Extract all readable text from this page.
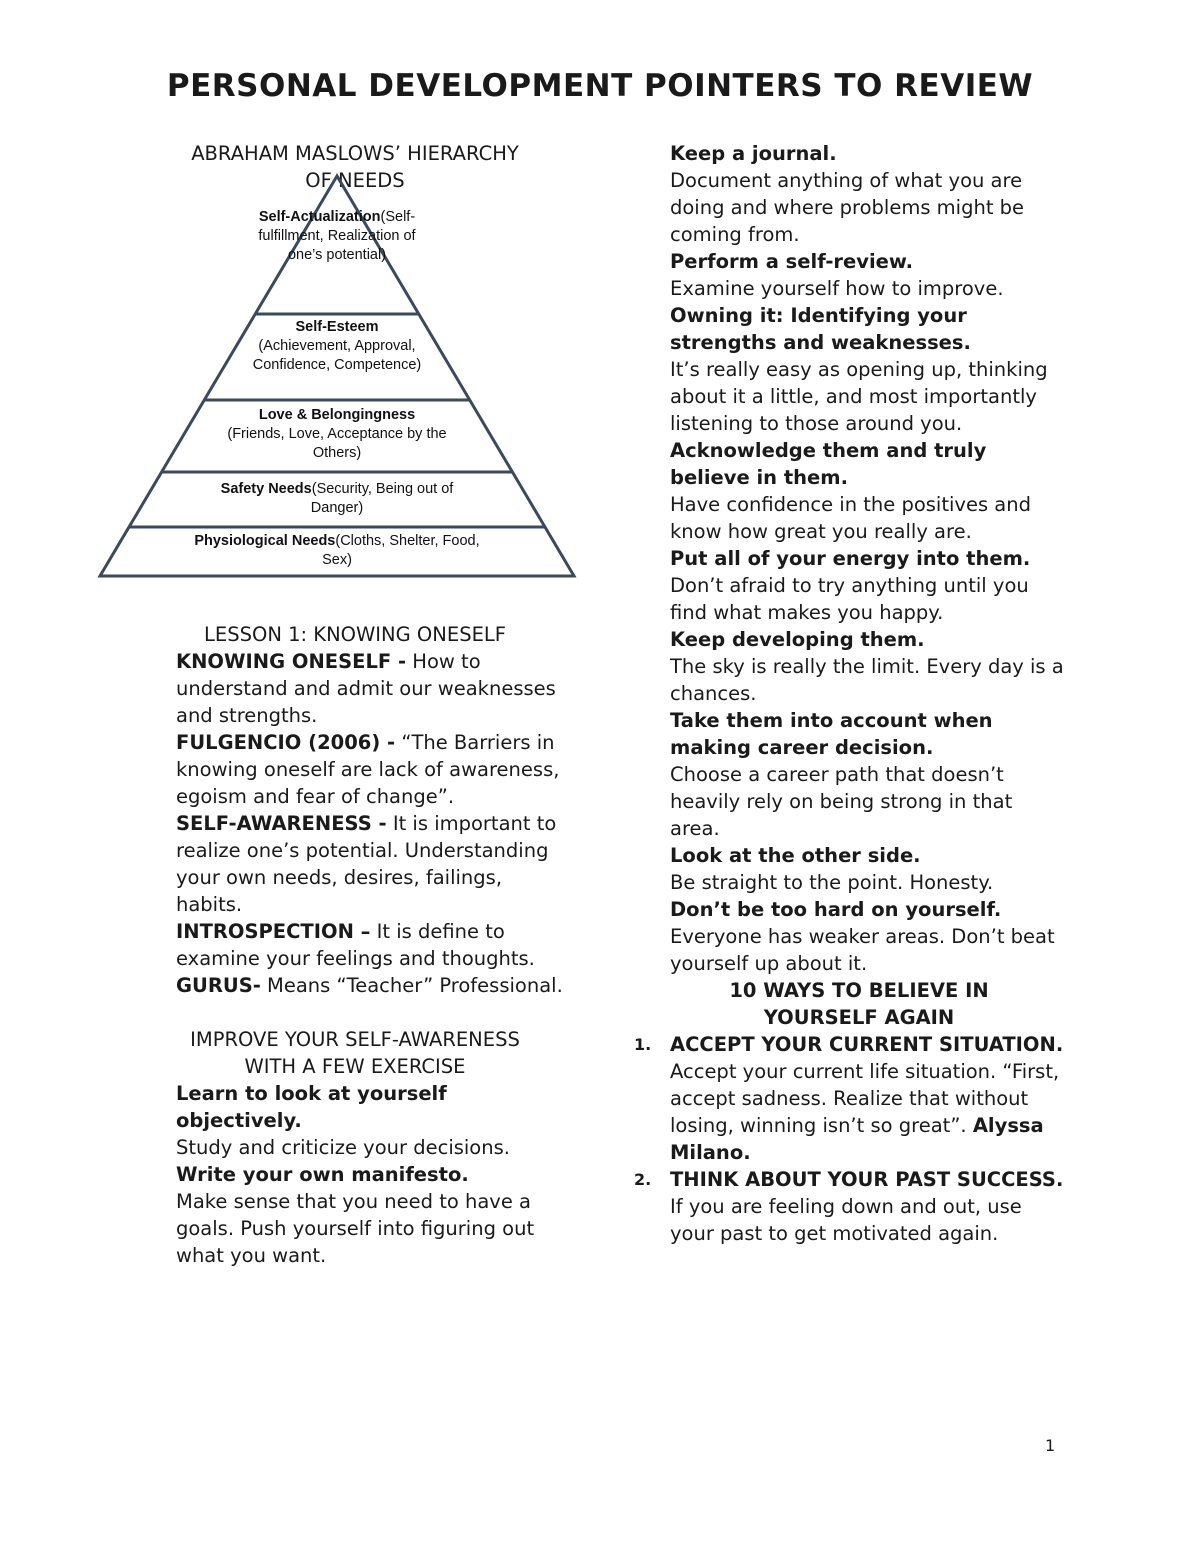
PERSONAL DEVELOPMENT POINTERS TO REVIEW
ABRAHAM MASLOWS’ HIERARCHY
OF NEEDS
Self-Actualization(Self-fulfillment, Realization of one’s potential)
Self-Esteem
(Achievement, Approval, Confidence, Competence)
Love & Belongingness
(Friends, Love, Acceptance by the Others)
Safety Needs(Security, Being out of Danger)
Physiological Needs(Cloths, Shelter, Food, Sex)
LESSON 1: KNOWING ONESELF
KNOWING ONESELF - How to understand and admit our weaknesses and strengths.
FULGENCIO (2006) - “The Barriers in knowing oneself are lack of awareness, egoism and fear of change”.
SELF-AWARENESS - It is important to realize one’s potential. Understanding your own needs, desires, failings, habits.
INTROSPECTION – It is define to examine your feelings and thoughts.
GURUS- Means “Teacher” Professional.
IMPROVE YOUR SELF-AWARENESS WITH A FEW EXERCISE
Learn to look at yourself objectively.
Study and criticize your decisions.
Write your own manifesto.
Make sense that you need to have a goals. Push yourself into figuring out what you want.
Keep a journal.
Document anything of what you are doing and where problems might be coming from.
Perform a self-review.
Examine yourself how to improve.
Owning it: Identifying your strengths and weaknesses.
It’s really easy as opening up, thinking about it a little, and most importantly listening to those around you.
Acknowledge them and truly believe in them.
Have confidence in the positives and know how great you really are.
Put all of your energy into them.
Don’t afraid to try anything until you find what makes you happy.
Keep developing them.
The sky is really the limit. Every day is a chances.
Take them into account when making career decision.
Choose a career path that doesn’t heavily rely on being strong in that area.
Look at the other side.
Be straight to the point. Honesty.
Don’t be too hard on yourself.
Everyone has weaker areas. Don’t beat yourself up about it.
10 WAYS TO BELIEVE IN YOURSELF AGAIN
1. ACCEPT YOUR CURRENT SITUATION.
Accept your current life situation. “First, accept sadness. Realize that without losing, winning isn’t so great”. Alyssa Milano.
2. THINK ABOUT YOUR PAST SUCCESS.
If you are feeling down and out, use your past to get motivated again.
1
